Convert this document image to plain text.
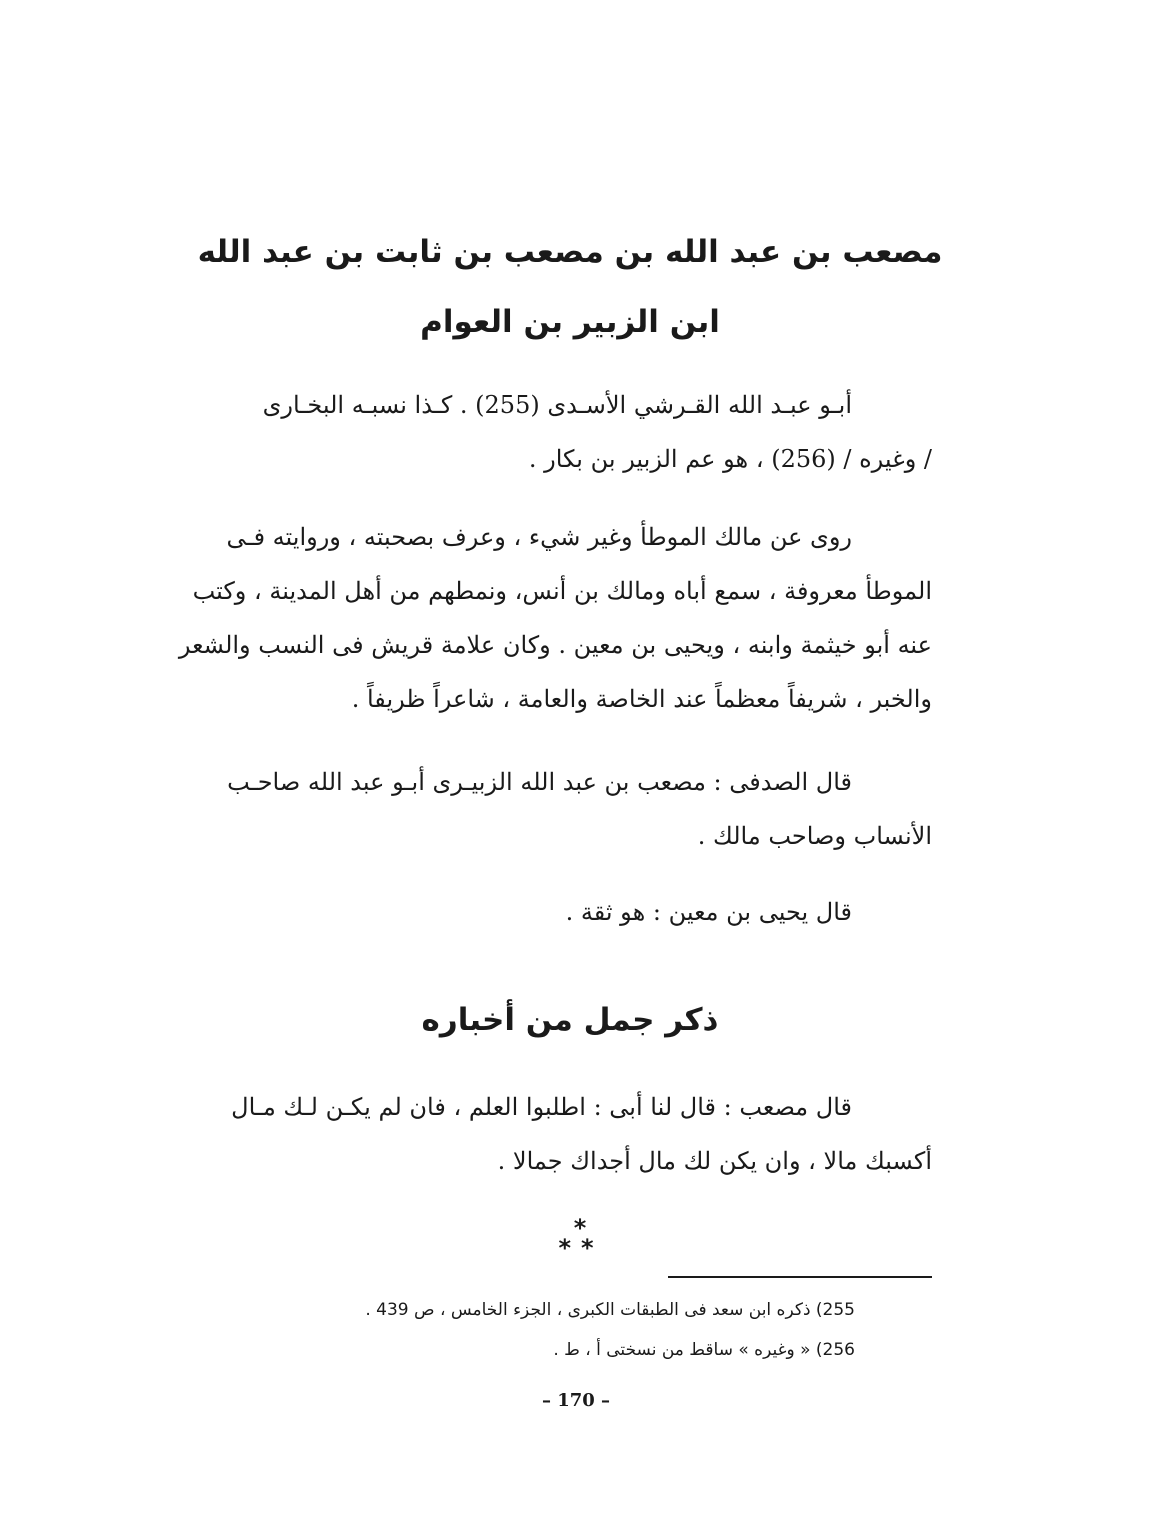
مصعب بن عبد الله بن مصعب بن ثابت بن عبد الله
ابن الزبير بن العوام
أبـو عبـد الله القـرشي الأسـدى (255) . كـذا نسبـه البخـارى
/ وغيره / (256) ، هو عم الزبير بن بكار .
روى عن مالك الموطأ وغير شيء ، وعرف بصحبته ، وروايته فـى
الموطأ معروفة ، سمع أباه ومالك بن أنس، ونمطهم من أهل المدينة ، وكتب
عنه أبو خيثمة وابنه ، ويحيى بن معين . وكان علامة قريش فى النسب والشعر
والخبر ، شريفاً معظماً عند الخاصة والعامة ، شاعراً ظريفاً .
قال الصدفى : مصعب بن عبد الله الزبيـرى أبـو عبد الله صاحـب
الأنساب وصاحب مالك .
قال يحيى بن معين : هو ثقة .
ذكر جمل من أخباره
قال مصعب : قال لنا أبى : اطلبوا العلم ، فان لم يكـن لـك مـال
أكسبك مالا ، وان يكن لك مال أجداك جمالا .
*
**
255) ذكره ابن سعد فى الطبقات الكبرى ، الجزء الخامس ، ص 439 .
256) « وغيره » ساقط من نسختى أ ، ط .
– 170 –
